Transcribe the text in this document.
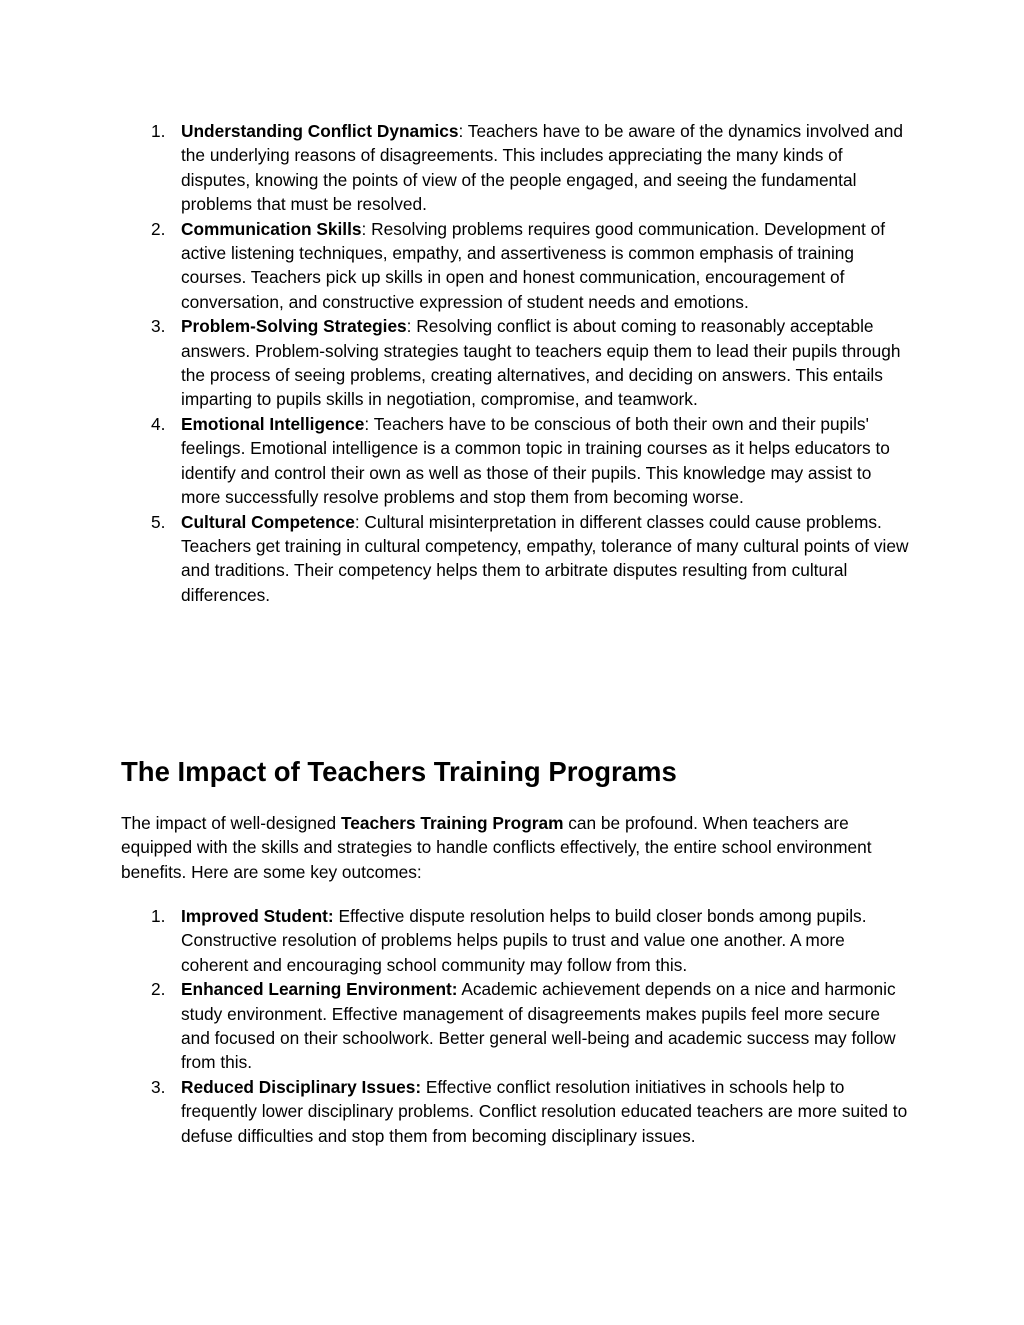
1. Understanding Conflict Dynamics: Teachers have to be aware of the dynamics involved and the underlying reasons of disagreements. This includes appreciating the many kinds of disputes, knowing the points of view of the people engaged, and seeing the fundamental problems that must be resolved.
2. Communication Skills: Resolving problems requires good communication. Development of active listening techniques, empathy, and assertiveness is common emphasis of training courses. Teachers pick up skills in open and honest communication, encouragement of conversation, and constructive expression of student needs and emotions.
3. Problem-Solving Strategies: Resolving conflict is about coming to reasonably acceptable answers. Problem-solving strategies taught to teachers equip them to lead their pupils through the process of seeing problems, creating alternatives, and deciding on answers. This entails imparting to pupils skills in negotiation, compromise, and teamwork.
4. Emotional Intelligence: Teachers have to be conscious of both their own and their pupils' feelings. Emotional intelligence is a common topic in training courses as it helps educators to identify and control their own as well as those of their pupils. This knowledge may assist to more successfully resolve problems and stop them from becoming worse.
5. Cultural Competence: Cultural misinterpretation in different classes could cause problems. Teachers get training in cultural competency, empathy, tolerance of many cultural points of view and traditions. Their competency helps them to arbitrate disputes resulting from cultural differences.
The Impact of Teachers Training Programs

The impact of well-designed Teachers Training Program can be profound. When teachers are equipped with the skills and strategies to handle conflicts effectively, the entire school environment benefits. Here are some key outcomes:

1. Improved Student: Effective dispute resolution helps to build closer bonds among pupils. Constructive resolution of problems helps pupils to trust and value one another. A more coherent and encouraging school community may follow from this.
2. Enhanced Learning Environment: Academic achievement depends on a nice and harmonic study environment. Effective management of disagreements makes pupils feel more secure and focused on their schoolwork. Better general well-being and academic success may follow from this.
3. Reduced Disciplinary Issues: Effective conflict resolution initiatives in schools help to frequently lower disciplinary problems. Conflict resolution educated teachers are more suited to defuse difficulties and stop them from becoming disciplinary issues.
